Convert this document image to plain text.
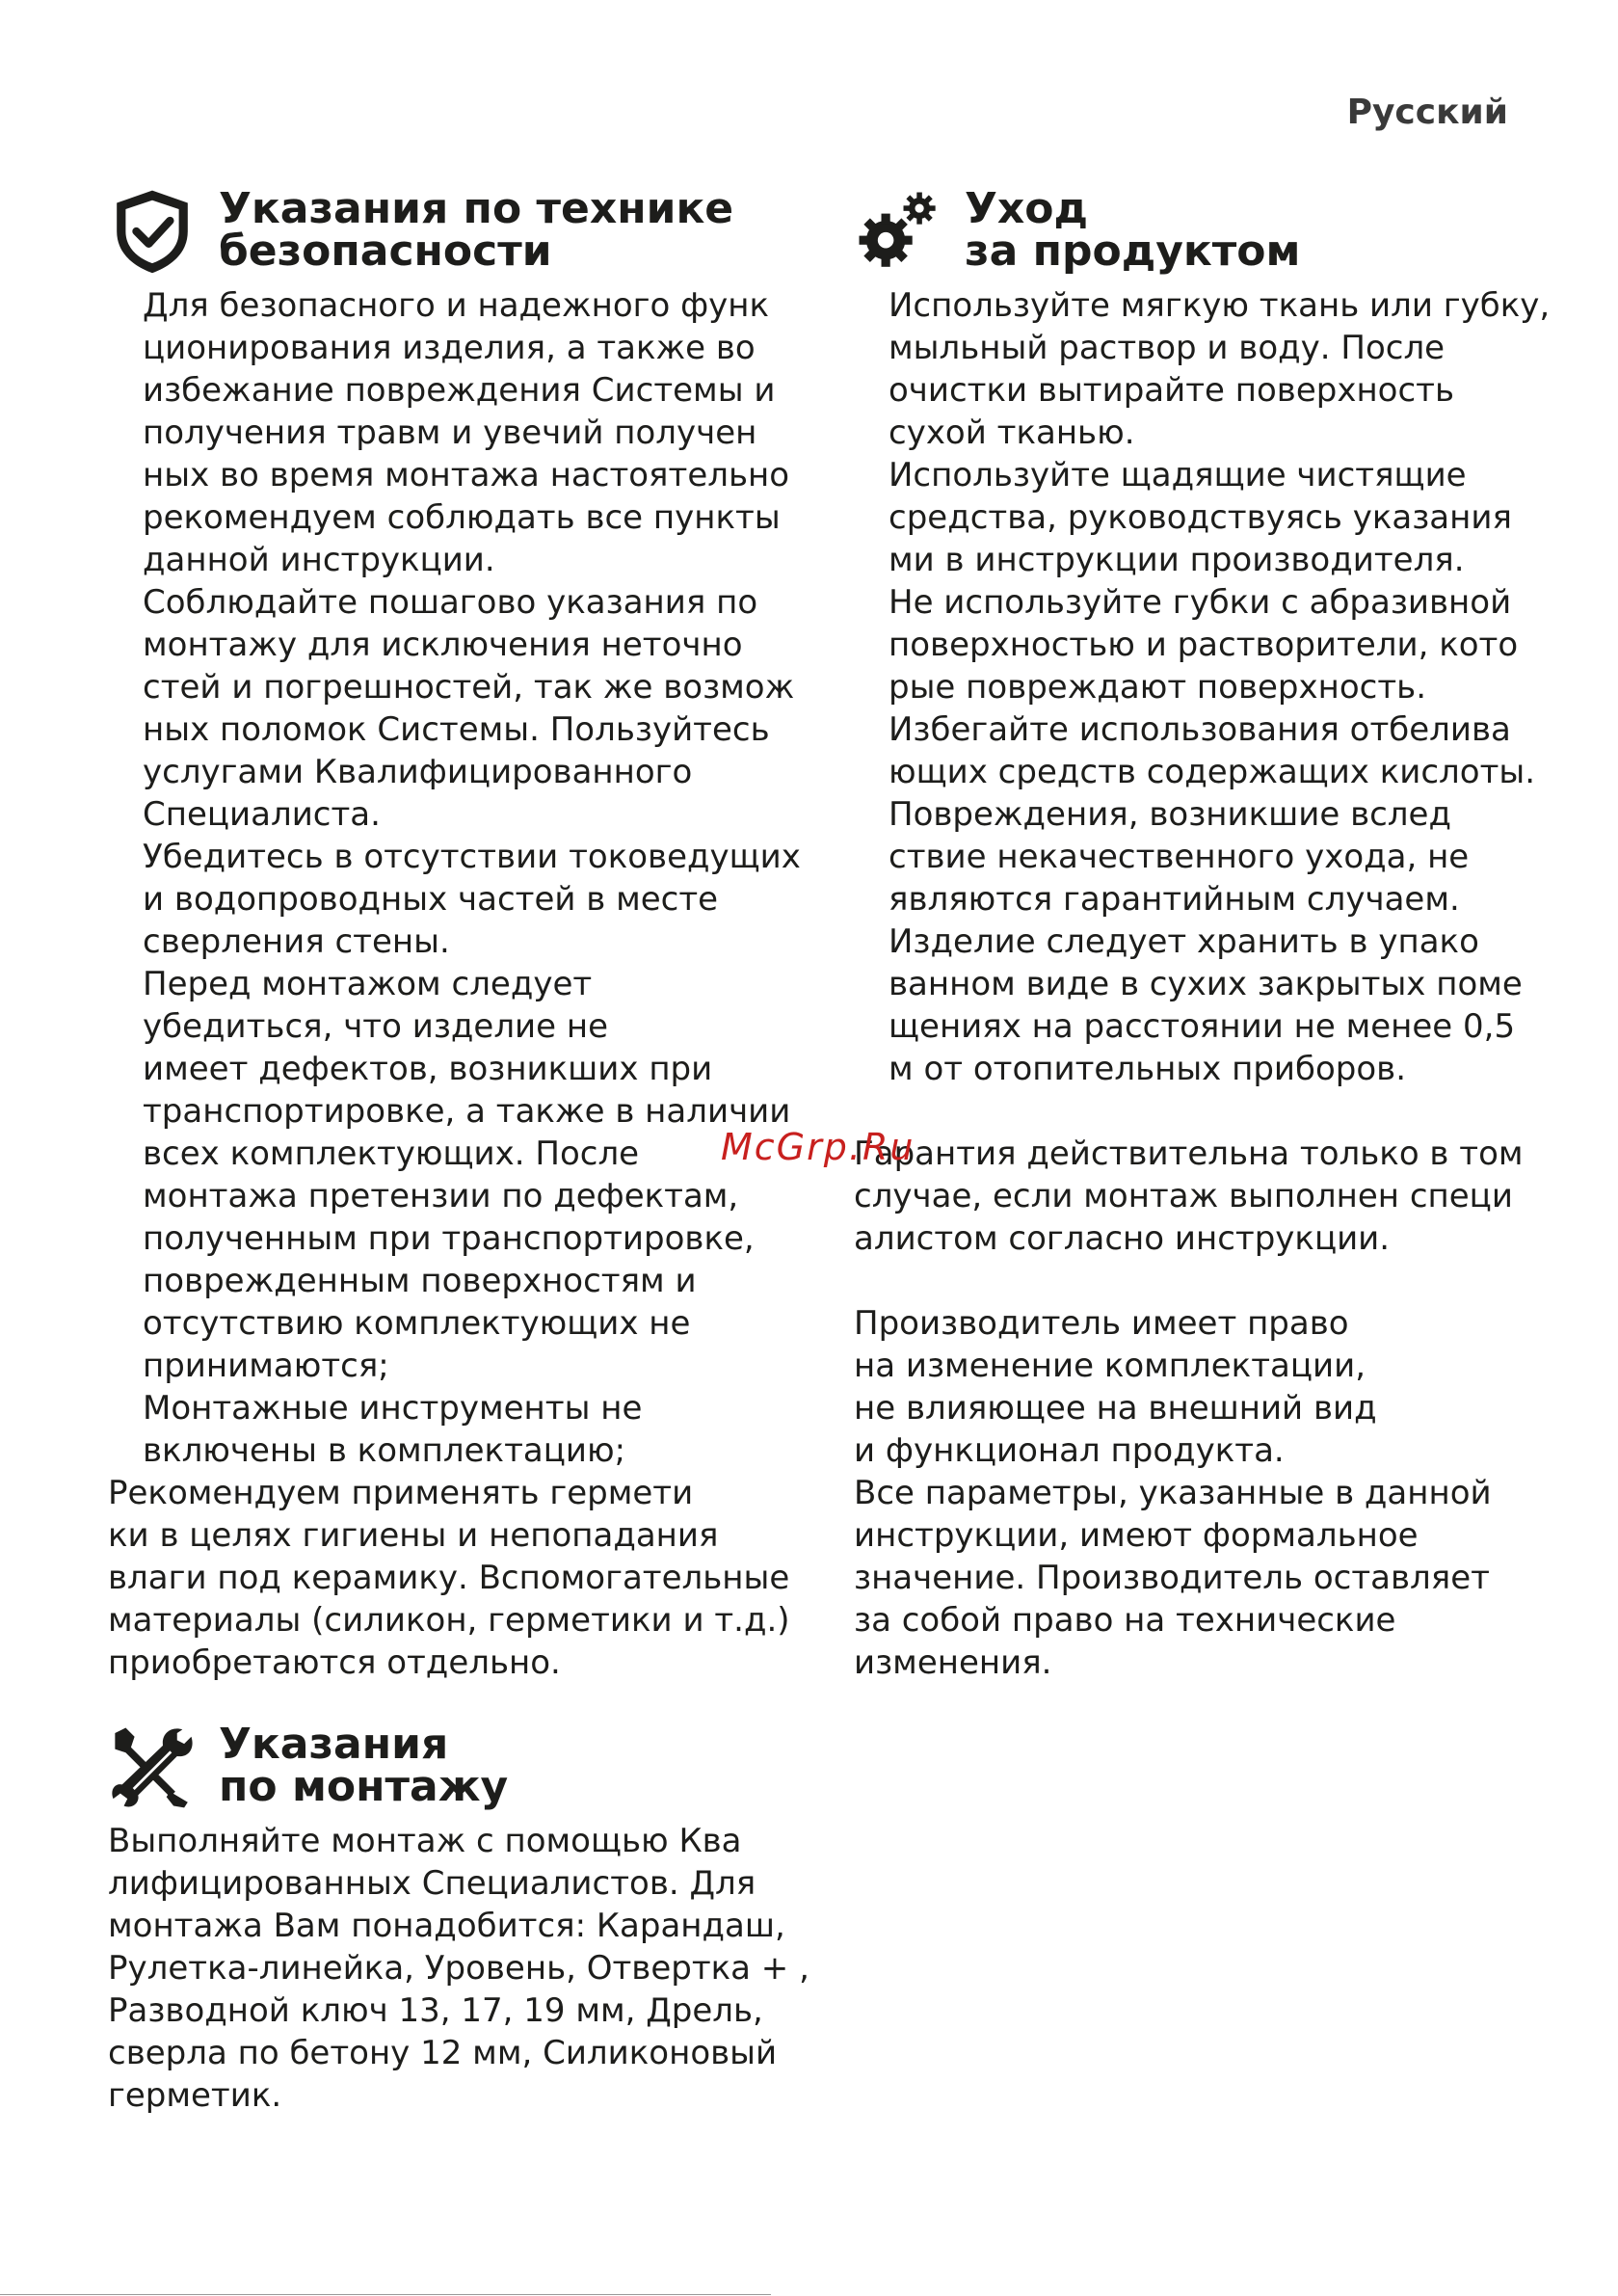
Русский
Указания по технике
безопасности

Для безопасного и надежного функ

ционирования изделия, а также во

избежание повреждения Системы и

получения травм и увечий получен

ных во время монтажа настоятельно

рекомендуем соблюдать все пункты

данной инструкции.

Соблюдайте пошагово указания по

монтажу для исключения неточно

стей и погрешностей, так же возмож

ных поломок Системы. Пользуйтесь

услугами Квалифицированного

Специалиста.

Убедитесь в отсутствии токоведущих

и водопроводных частей в месте

сверления стены.

Перед монтажом следует

убедиться, что изделие не

имеет дефектов, возникших при

транспортировке, а также в наличии

всех комплектующих. После

монтажа претензии по дефектам,

полученным при транспортировке,

поврежденным поверхностям и

отсутствию комплектующих не

принимаются;

Монтажные инструменты не

включены в комплектацию;

Рекомендуем применять гермети

ки в целях гигиены и непопадания

влаги под керамику. Вспомогательные

материалы (силикон, герметики и т.д.)

приобретаются отдельно.

Указания
по монтажу

Выполняйте монтаж с помощью Ква

лифицированных Специалистов. Для

монтажа Вам понадобится: Карандаш,

Рулетка-линейка, Уровень, Отвертка + ,

Разводной ключ 13, 17, 19 мм, Дрель,

сверла по бетону 12 мм, Силиконовый

герметик.

Уход
за продуктом

Используйте мягкую ткань или губку,

мыльный раствор и воду. После

очистки вытирайте поверхность

сухой тканью.

Используйте щадящие чистящие

средства, руководствуясь указания

ми в инструкции производителя.

Не используйте губки с абразивной

поверхностью и растворители, кото

рые повреждают поверхность.

Избегайте использования отбелива

ющих средств содержащих кислоты.

Повреждения, возникшие вслед

ствие некачественного ухода, не

являются гарантийным случаем.

Изделие следует хранить в упако

ванном виде в сухих закрытых поме

щениях на расстоянии не менее 0,5

м от отопительных приборов.

Гарантия действительна только в том

случае, если монтаж выполнен специ

алистом согласно инструкции.

Производитель имеет право

на изменение комплектации,

не влияющее на внешний вид

и функционал продукта.

Все параметры, указанные в данной

инструкции, имеют формальное

значение. Производитель оставляет

за собой право на технические

изменения.

McGrp.Ru
